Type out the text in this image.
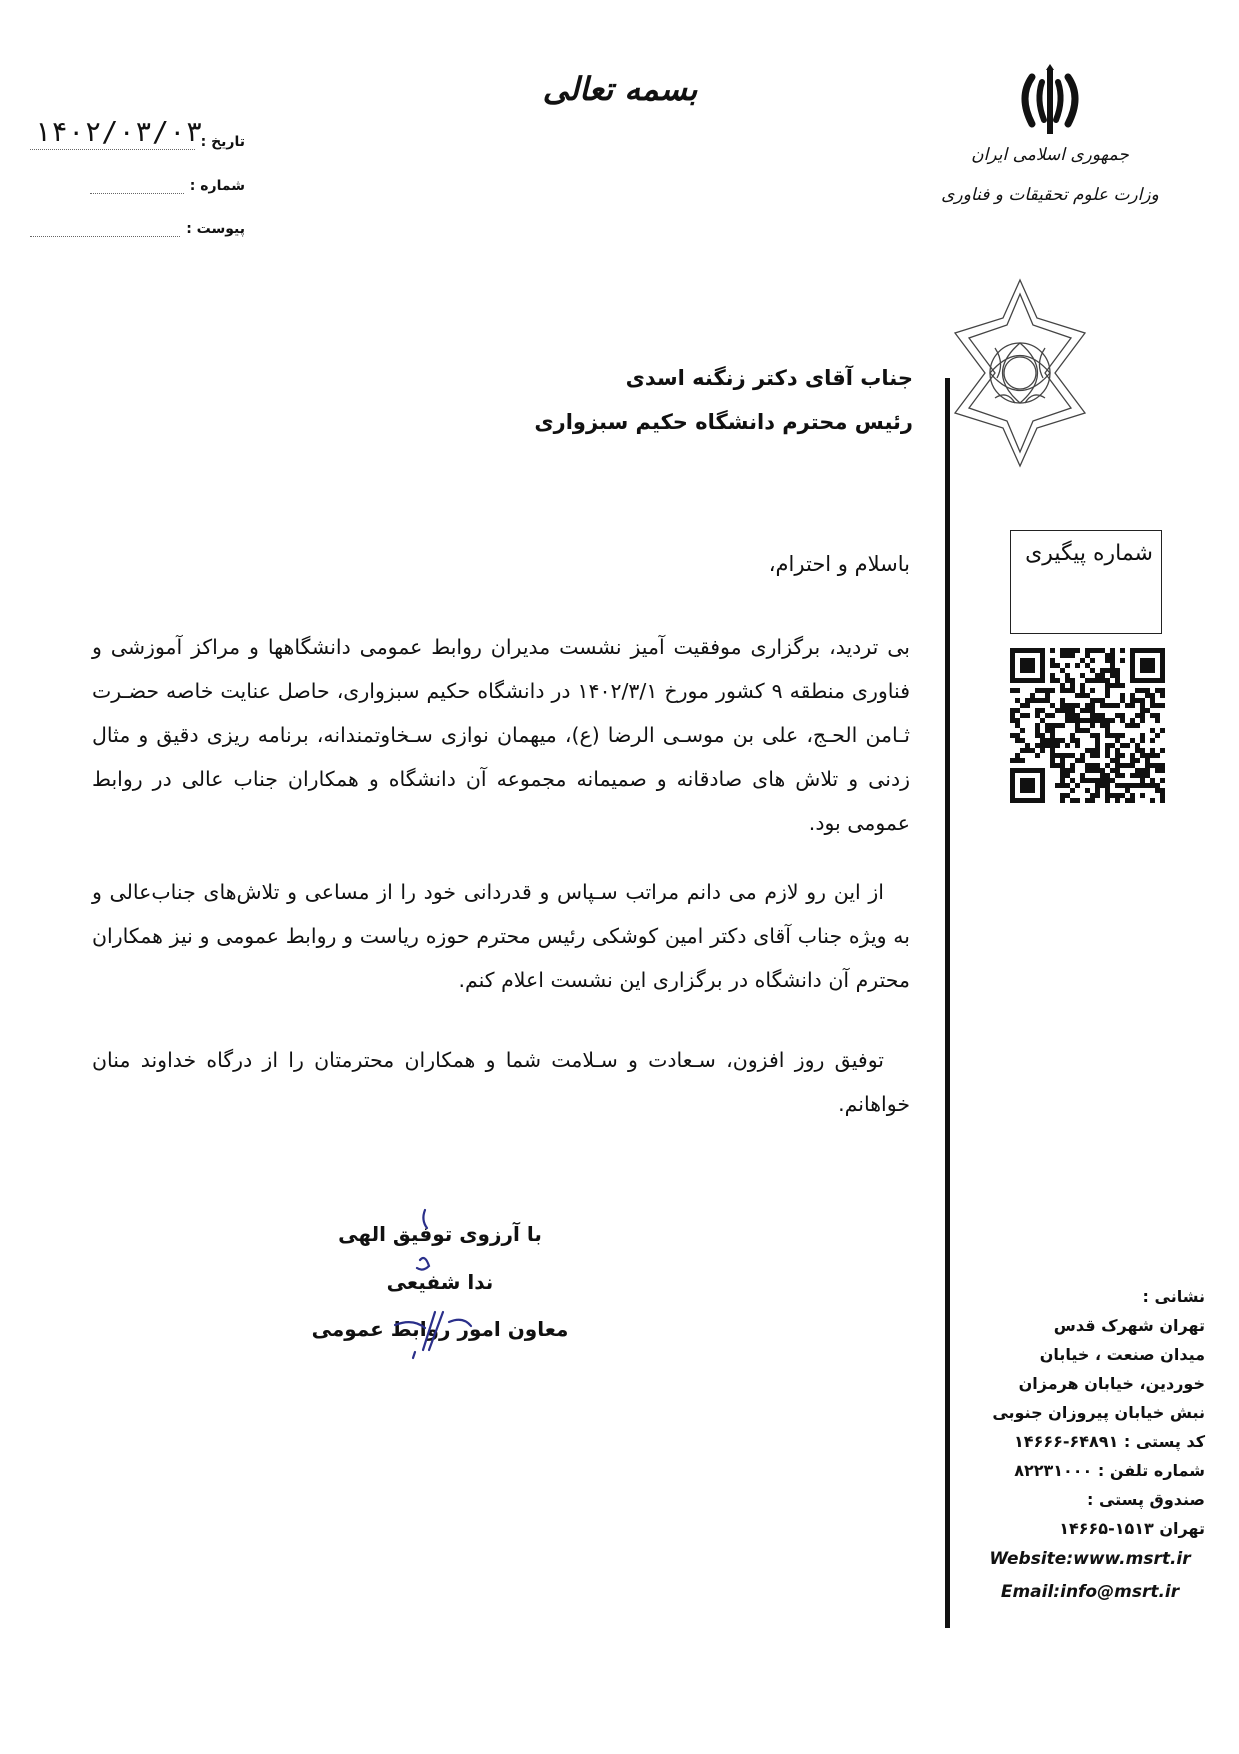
بسمه تعالی
جمهوری اسلامی ایران
وزارت علوم تحقیقات و فناوری
تاریخ :
۱۴۰۲/۰۳/۰۳
شماره :
پیوست :
شماره پیگیری
جناب آقای دکتر زنگنه اسدی
رئیس محترم دانشگاه حکیم سبزواری
باسلام و احترام،
بی تردید، برگزاری موفقیت آمیز نشست مدیران روابط عمومی دانشگاهها و مراکز آموزشی و فناوری منطقه ۹ کشور مورخ ۱۴۰۲/۳/۱ در دانشگاه حکیم سبزواری، حاصل عنایت خاصه حضـرت ثـامن الحـج، علی بن موسـی الرضا (ع)، میهمان نوازی سـخاوتمندانه، برنامه ریزی دقیق و مثال زدنی و تلاش های صادقانه و صمیمانه مجموعه آن دانشگاه و همکاران جناب عالی در روابط عمومی بود.
از این رو لازم می دانم مراتب سـپاس و قدردانی خود را از مساعی و تلاش‌های جناب‌عالی و به ویژه جناب آقای دکتر امین کوشکی رئیس محترم حوزه ریاست و روابط عمومی و نیز همکاران محترم آن دانشگاه در برگزاری این نشست اعلام کنم.
توفیق روز افزون، سـعادت و سـلامت شما و همکاران محترمتان را از درگاه خداوند منان خواهانم.
با آرزوی توفیق الهی
ندا شفیعی
معاون امور روابط عمومی
نشانی :
تهران شهرک قدس
میدان صنعت ، خیابان
خوردین، خیابان هرمزان
نبش خیابان پیروزان جنوبی
کد پستی : ۶۴۸۹۱-۱۴۶۶۶
شماره تلفن : ۸۲۲۳۱۰۰۰
صندوق پستی :
تهران ۱۵۱۳-۱۴۶۶۵
Website:www.msrt.ir
Email:info@msrt.ir
